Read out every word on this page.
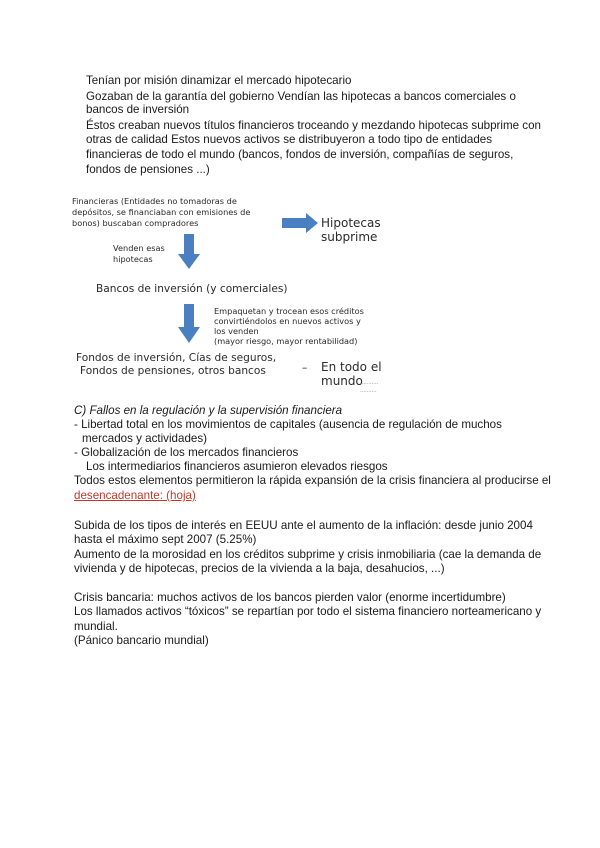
Tenían por misión dinamizar el mercado hipotecario
Gozaban de la garantía del gobierno Vendían las hipotecas a bancos comerciales o
bancos de inversión
Éstos creaban nuevos títulos financieros troceando y mezdando hipotecas subprime con
otras de calidad Estos nuevos activos se distribuyeron a todo tipo de entidades
financieras de todo el mundo (bancos, fondos de inversión, compañías de seguros,
fondos de pensiones ...)
Financieras (Entidades no tomadoras de
depósitos, se financiaban con emisiones de
bonos) buscaban compradores	Hipotecas
subprime
Venden esas
hipotecas
Bancos de inversión (y comerciales)
Empaquetan y trocean esos créditos
convirtiéndolos en nuevos activos y
los venden
(mayor riesgo, mayor rentabilidad)
Fondos de inversión, Cías de seguros,
Fondos de pensiones, otros bancos	– En todo el
mundo
...........
..........
C) Fallos en la regulación y la supervisión financiera
- Libertad total en los movimientos de capitales (ausencia de regulación de muchos
mercados y actividades)
- Globalización de los mercados financieros
Los intermediarios financieros asumieron elevados riesgos
Todos estos elementos permitieron la rápida expansión de la crisis financiera al producirse el
desencadenante: (hoja)
Subida de los tipos de interés en EEUU ante el aumento de la inflación: desde junio 2004
hasta el máximo sept 2007 (5.25%)
Aumento de la morosidad en los créditos subprime y crisis inmobiliaria (cae la demanda de
vivienda y de hipotecas, precios de la vivienda a la baja, desahucios, ...)
Crisis bancaria: muchos activos de los bancos pierden valor (enorme incertidumbre)
Los llamados activos “tóxicos” se repartían por todo el sistema financiero norteamericano y
mundial.
(Pánico bancario mundial)
